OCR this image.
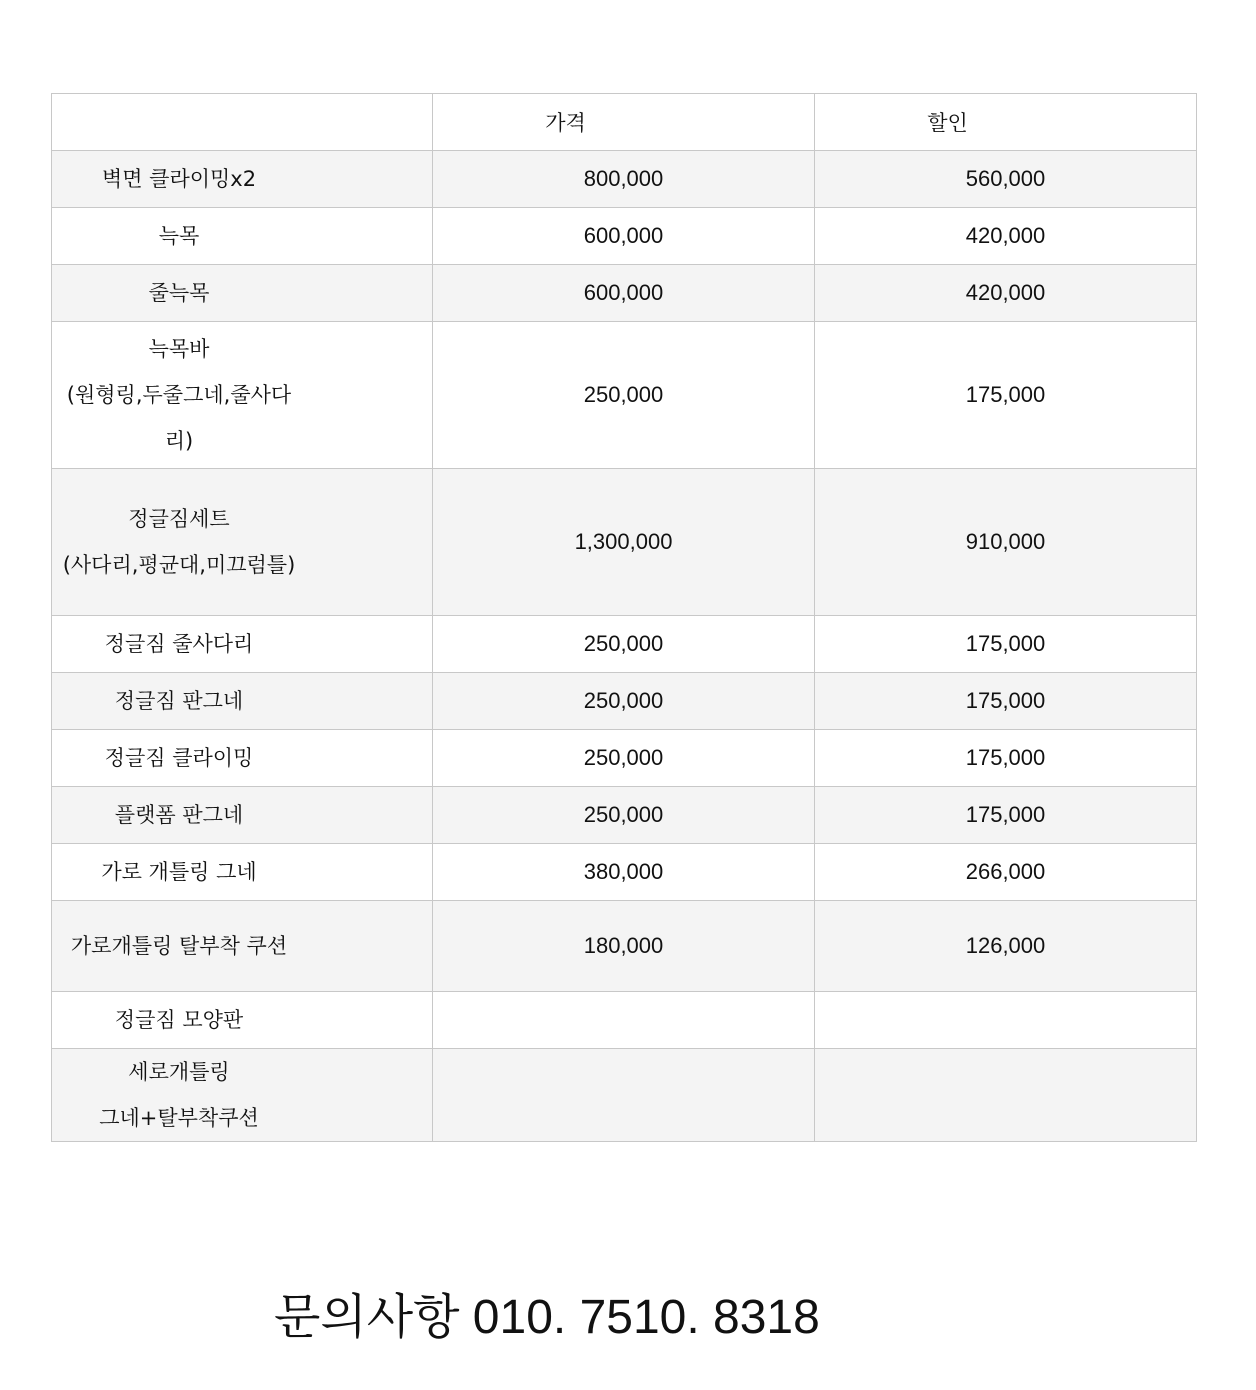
	가격	할인
벽면 클라이밍x2	800,000	560,000
늑목	600,000	420,000
줄늑목	600,000	420,000

늑목바
(원형링,두줄그네,줄사다리)	250,000	175,000

정글짐세트
(사다리,평균대,미끄럼틀)	1,300,000	910,000
정글짐 줄사다리	250,000	175,000
정글짐 판그네	250,000	175,000
정글짐 클라이밍	250,000	175,000
플랫폼 판그네	250,000	175,000
가로 개틀링 그네	380,000	266,000
가로개틀링 탈부착 쿠션	180,000	126,000
정글짐 모양판		

세로개틀링
그네+탈부착쿠션		
문의사항 010. 7510. 8318
